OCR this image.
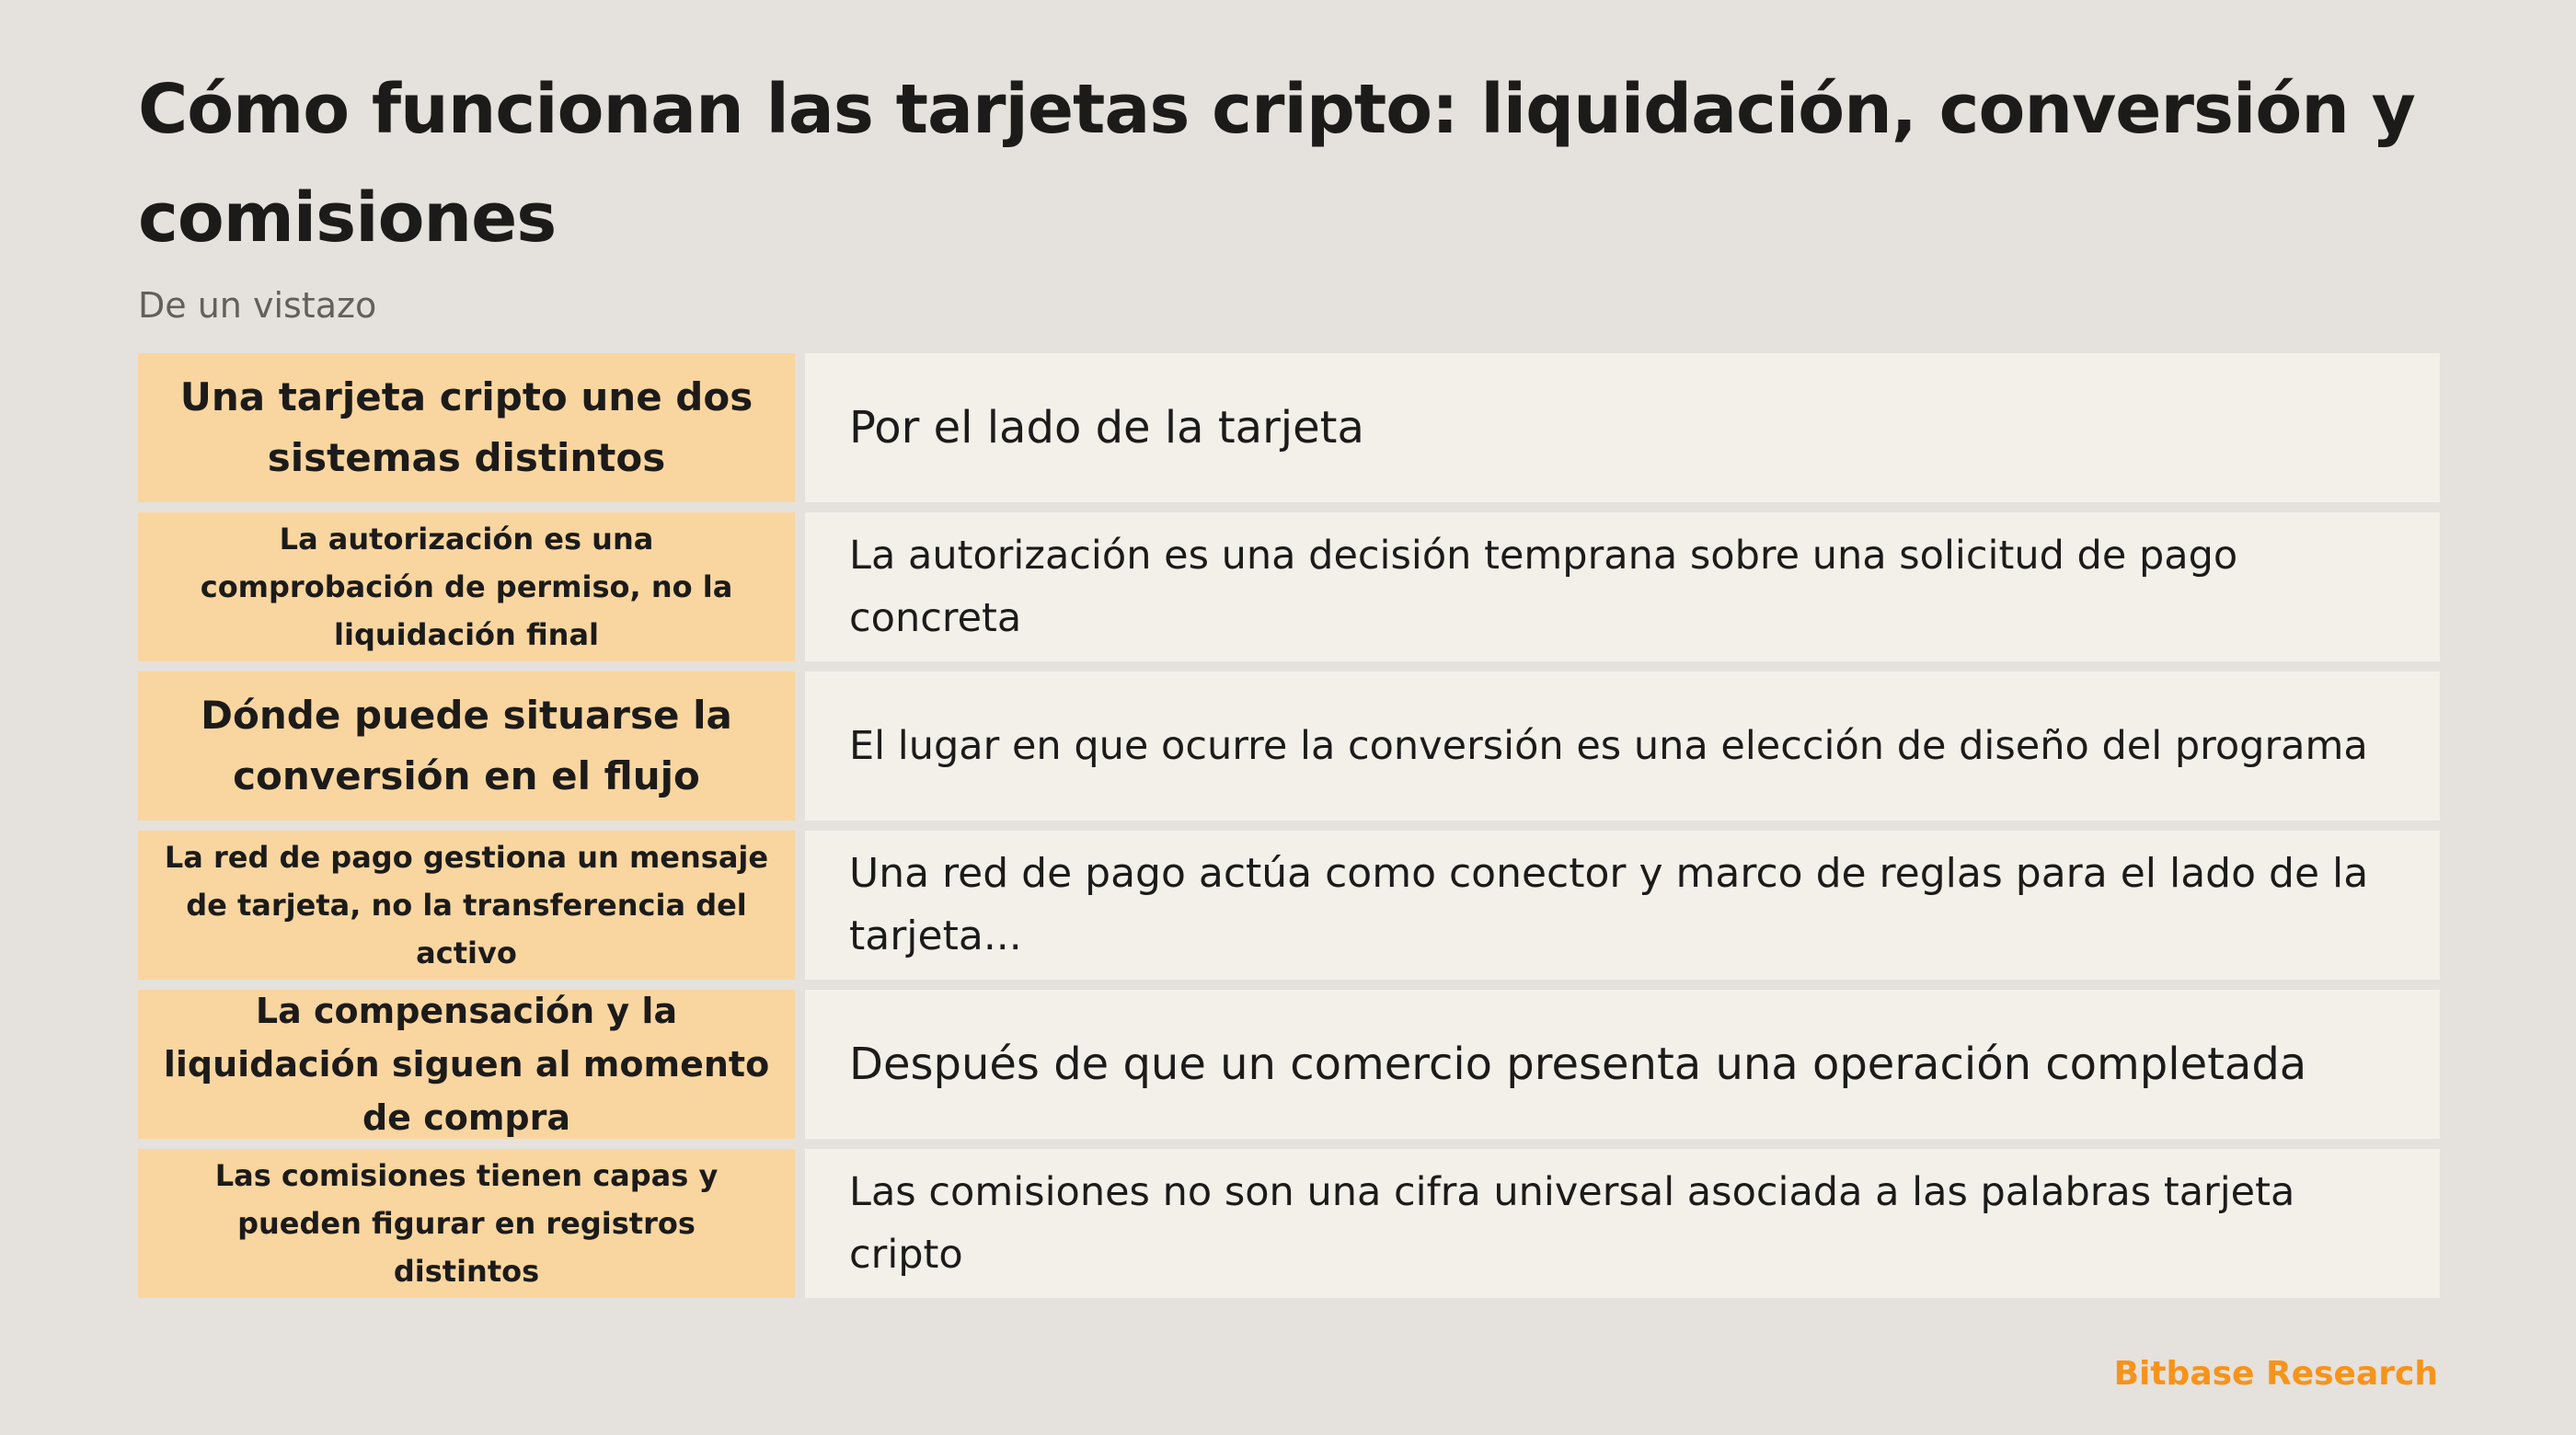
Cómo funcionan las tarjetas cripto: liquidación, conversión y comisiones
De un vistazo
Una tarjeta cripto une dos sistemas distintos
Por el lado de la tarjeta
La autorización es una comprobación de permiso, no la liquidación final
La autorización es una decisión temprana sobre una solicitud de pago concreta
Dónde puede situarse la conversión en el flujo
El lugar en que ocurre la conversión es una elección de diseño del programa
La red de pago gestiona un mensaje de tarjeta, no la transferencia del activo
Una red de pago actúa como conector y marco de reglas para el lado de la tarjeta...
La compensación y la liquidación siguen al momento de compra
Después de que un comercio presenta una operación completada
Las comisiones tienen capas y pueden figurar en registros distintos
Las comisiones no son una cifra universal asociada a las palabras tarjeta cripto
Bitbase Research
